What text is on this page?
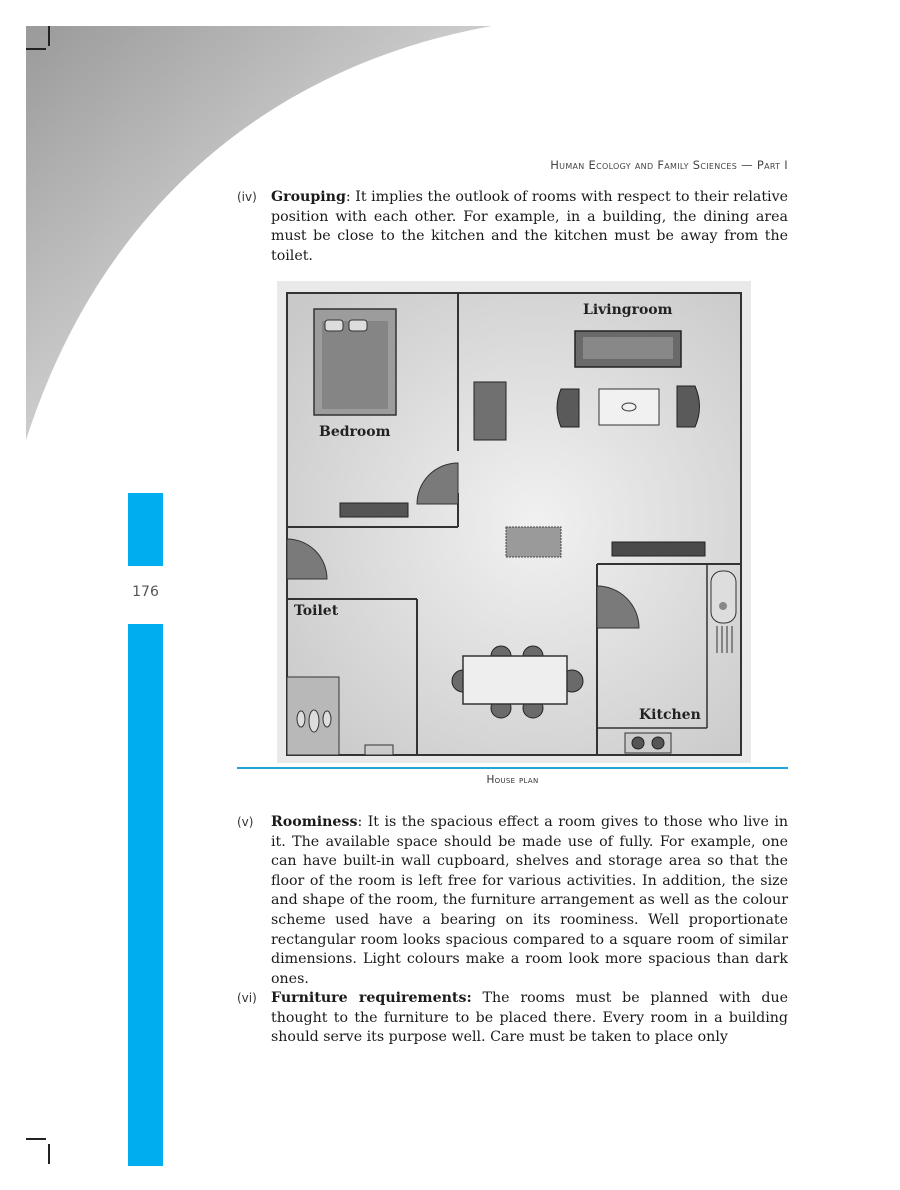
176
Human Ecology and Family Sciences — Part I
(iv) Grouping: It implies the outlook of rooms with respect to their relative position with each other. For example, in a building, the dining area must be close to the kitchen and the kitchen must be away from the toilet.
Bedroom
Livingroom
Toilet
Kitchen
House plan
(v) Roominess: It is the spacious effect a room gives to those who live in it. The available space should be made use of fully. For example, one can have built-in wall cupboard, shelves and storage area so that the floor of the room is left free for various activities. In addition, the size and shape of the room, the furniture arrangement as well as the colour scheme used have a bearing on its roominess. Well proportionate rectangular room looks spacious compared to a square room of similar dimensions. Light colours make a room look more spacious than dark ones.
(vi) Furniture requirements: The rooms must be planned with due thought to the furniture to be placed there. Every room in a building should serve its purpose well. Care must be taken to place only
